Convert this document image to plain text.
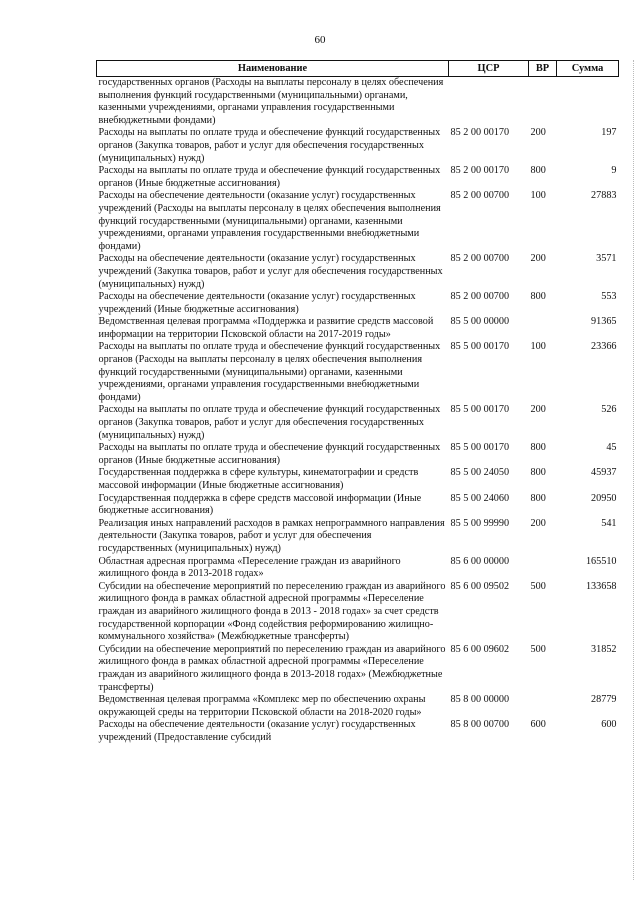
60
Наименование	ЦСР	ВР	Сумма
государственных органов (Расходы на выплаты персоналу в целях обеспечения выполнения функций государственными (муниципальными) органами, казенными учреждениями, органами управления государственными внебюджетными фондами)			
Расходы на выплаты по оплате труда и обеспечение функций государственных органов (Закупка товаров, работ и услуг для обеспечения государственных (муниципальных) нужд)	85 2 00 00170	200	197
Расходы на выплаты по оплате труда и обеспечение функций государственных органов (Иные бюджетные ассигнования)	85 2 00 00170	800	9
Расходы на обеспечение деятельности (оказание услуг) государственных учреждений (Расходы на выплаты персоналу в целях обеспечения выполнения функций государственными (муниципальными) органами, казенными учреждениями, органами управления государственными внебюджетными фондами)	85 2 00 00700	100	27883
Расходы на обеспечение деятельности (оказание услуг) государственных учреждений (Закупка товаров, работ и услуг для обеспечения государственных (муниципальных) нужд)	85 2 00 00700	200	3571
Расходы на обеспечение деятельности (оказание услуг) государственных учреждений (Иные бюджетные ассигнования)	85 2 00 00700	800	553
Ведомственная целевая программа «Поддержка и развитие средств массовой информации на территории Псковской области на 2017-2019 годы»	85 5 00 00000		91365
Расходы на выплаты по оплате труда и обеспечение функций государственных органов (Расходы на выплаты персоналу в целях обеспечения выполнения функций государственными (муниципальными) органами, казенными учреждениями, органами управления государственными внебюджетными фондами)	85 5 00 00170	100	23366
Расходы на выплаты по оплате труда и обеспечение функций государственных органов (Закупка товаров, работ и услуг для обеспечения государственных (муниципальных) нужд)	85 5 00 00170	200	526
Расходы на выплаты по оплате труда и обеспечение функций государственных органов (Иные бюджетные ассигнования)	85 5 00 00170	800	45
Государственная поддержка в сфере культуры, кинематографии и средств массовой информации (Иные бюджетные ассигнования)	85 5 00 24050	800	45937
Государственная поддержка в сфере средств массовой информации (Иные бюджетные ассигнования)	85 5 00 24060	800	20950
Реализация иных направлений расходов в рамках непрограммного направления деятельности (Закупка товаров, работ и услуг для обеспечения государственных (муниципальных) нужд)	85 5 00 99990	200	541
Областная адресная программа «Переселение граждан из аварийного жилищного фонда в 2013-2018 годах»	85 6 00 00000		165510
Субсидии на обеспечение мероприятий по переселению граждан из аварийного жилищного фонда в рамках областной адресной программы «Переселение граждан из аварийного жилищного фонда в 2013 - 2018 годах» за счет средств государственной корпорации «Фонд содействия реформированию жилищно-коммунального хозяйства» (Межбюджетные трансферты)	85 6 00 09502	500	133658
Субсидии на обеспечение мероприятий по переселению граждан из аварийного жилищного фонда в рамках областной адресной программы «Переселение граждан из аварийного жилищного фонда в 2013-2018 годах» (Межбюджетные трансферты)	85 6 00 09602	500	31852
Ведомственная целевая программа «Комплекс мер по обеспечению охраны окружающей среды на территории Псковской области на 2018-2020 годы»	85 8 00 00000		28779
Расходы на обеспечение деятельности (оказание услуг) государственных учреждений (Предоставление субсидий	85 8 00 00700	600	600
